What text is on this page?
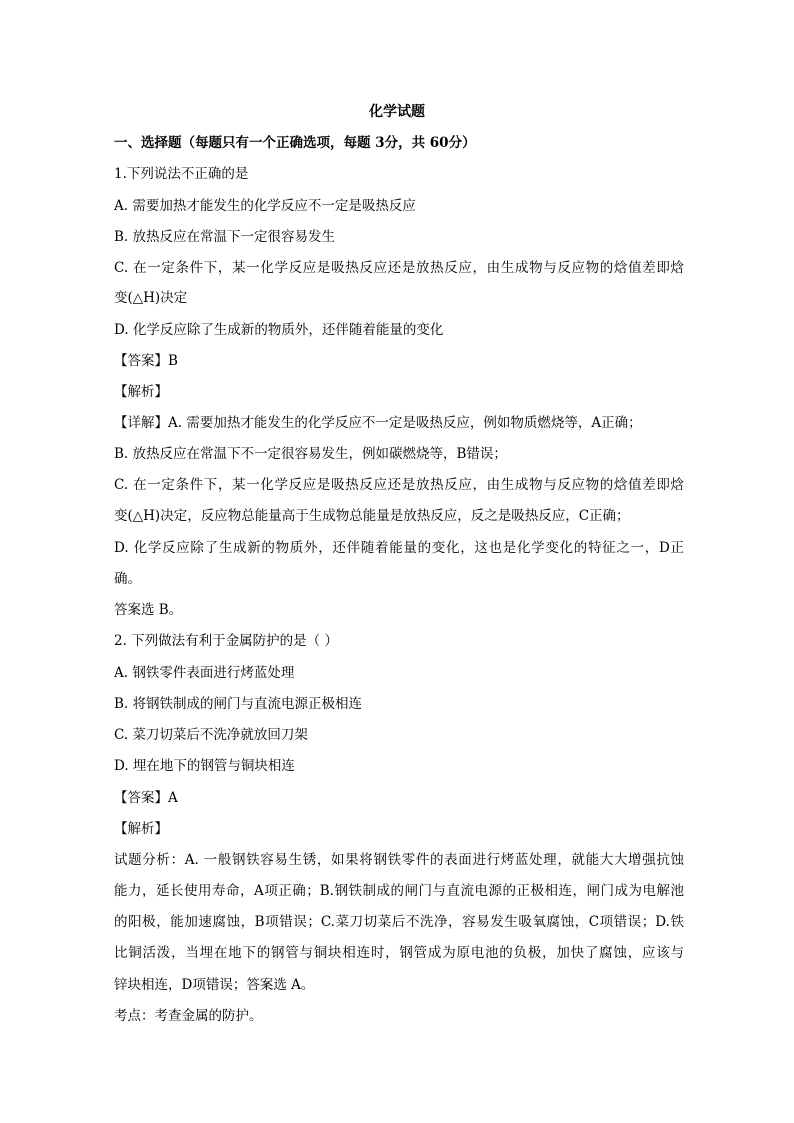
化学试题
一、选择题（每题只有一个正确选项，每题 3分，共 60分）
1.下列说法不正确的是
A. 需要加热才能发生的化学反应不一定是吸热反应
B. 放热反应在常温下一定很容易发生
C. 在一定条件下，某一化学反应是吸热反应还是放热反应，由生成物与反应物的焓值差即焓
变(△H)决定
D. 化学反应除了生成新的物质外，还伴随着能量的变化
【答案】B
【解析】
【详解】A. 需要加热才能发生的化学反应不一定是吸热反应，例如物质燃烧等，A正确；
B. 放热反应在常温下不一定很容易发生，例如碳燃烧等，B错误；
C. 在一定条件下，某一化学反应是吸热反应还是放热反应，由生成物与反应物的焓值差即焓
变(△H)决定，反应物总能量高于生成物总能量是放热反应，反之是吸热反应，C正确；
D. 化学反应除了生成新的物质外，还伴随着能量的变化，这也是化学变化的特征之一，D正
确。
答案选 B。
2. 下列做法有利于金属防护的是（ ）
A. 钢铁零件表面进行烤蓝处理
B. 将钢铁制成的闸门与直流电源正极相连
C. 菜刀切菜后不洗净就放回刀架
D. 埋在地下的钢管与铜块相连
【答案】A
【解析】
试题分析：A. 一般钢铁容易生锈，如果将钢铁零件的表面进行烤蓝处理，就能大大增强抗蚀
能力，延长使用寿命，A项正确；B.钢铁制成的闸门与直流电源的正极相连，闸门成为电解池
的阳极，能加速腐蚀，B项错误；C.菜刀切菜后不洗净，容易发生吸氧腐蚀，C项错误；D.铁
比铜活泼，当埋在地下的钢管与铜块相连时，钢管成为原电池的负极，加快了腐蚀，应该与
锌块相连，D项错误；答案选 A。
考点：考查金属的防护。
